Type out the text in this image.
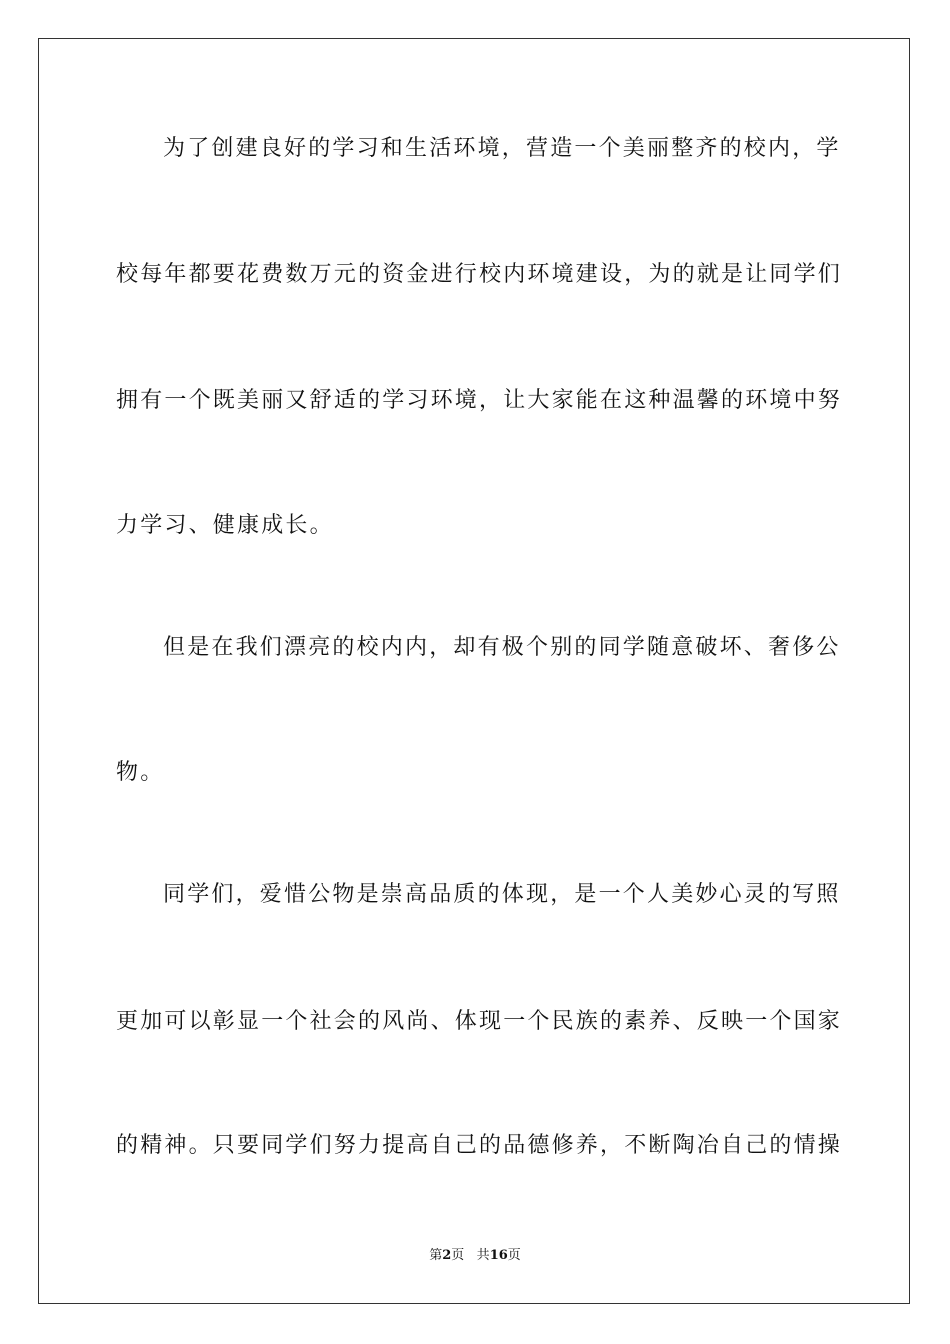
为了创建良好的学习和生活环境，营造一个美丽整齐的校内，学
校每年都要花费数万元的资金进行校内环境建设，为的就是让同学们
拥有一个既美丽又舒适的学习环境，让大家能在这种温馨的环境中努
力学习、健康成长。
但是在我们漂亮的校内内，却有极个别的同学随意破坏、奢侈公
物。
同学们，爱惜公物是崇高品质的体现，是一个人美妙心灵的写照
更加可以彰显一个社会的风尚、体现一个民族的素养、反映一个国家
的精神。只要同学们努力提高自己的品德修养，不断陶冶自己的情操
第2页 共16页
